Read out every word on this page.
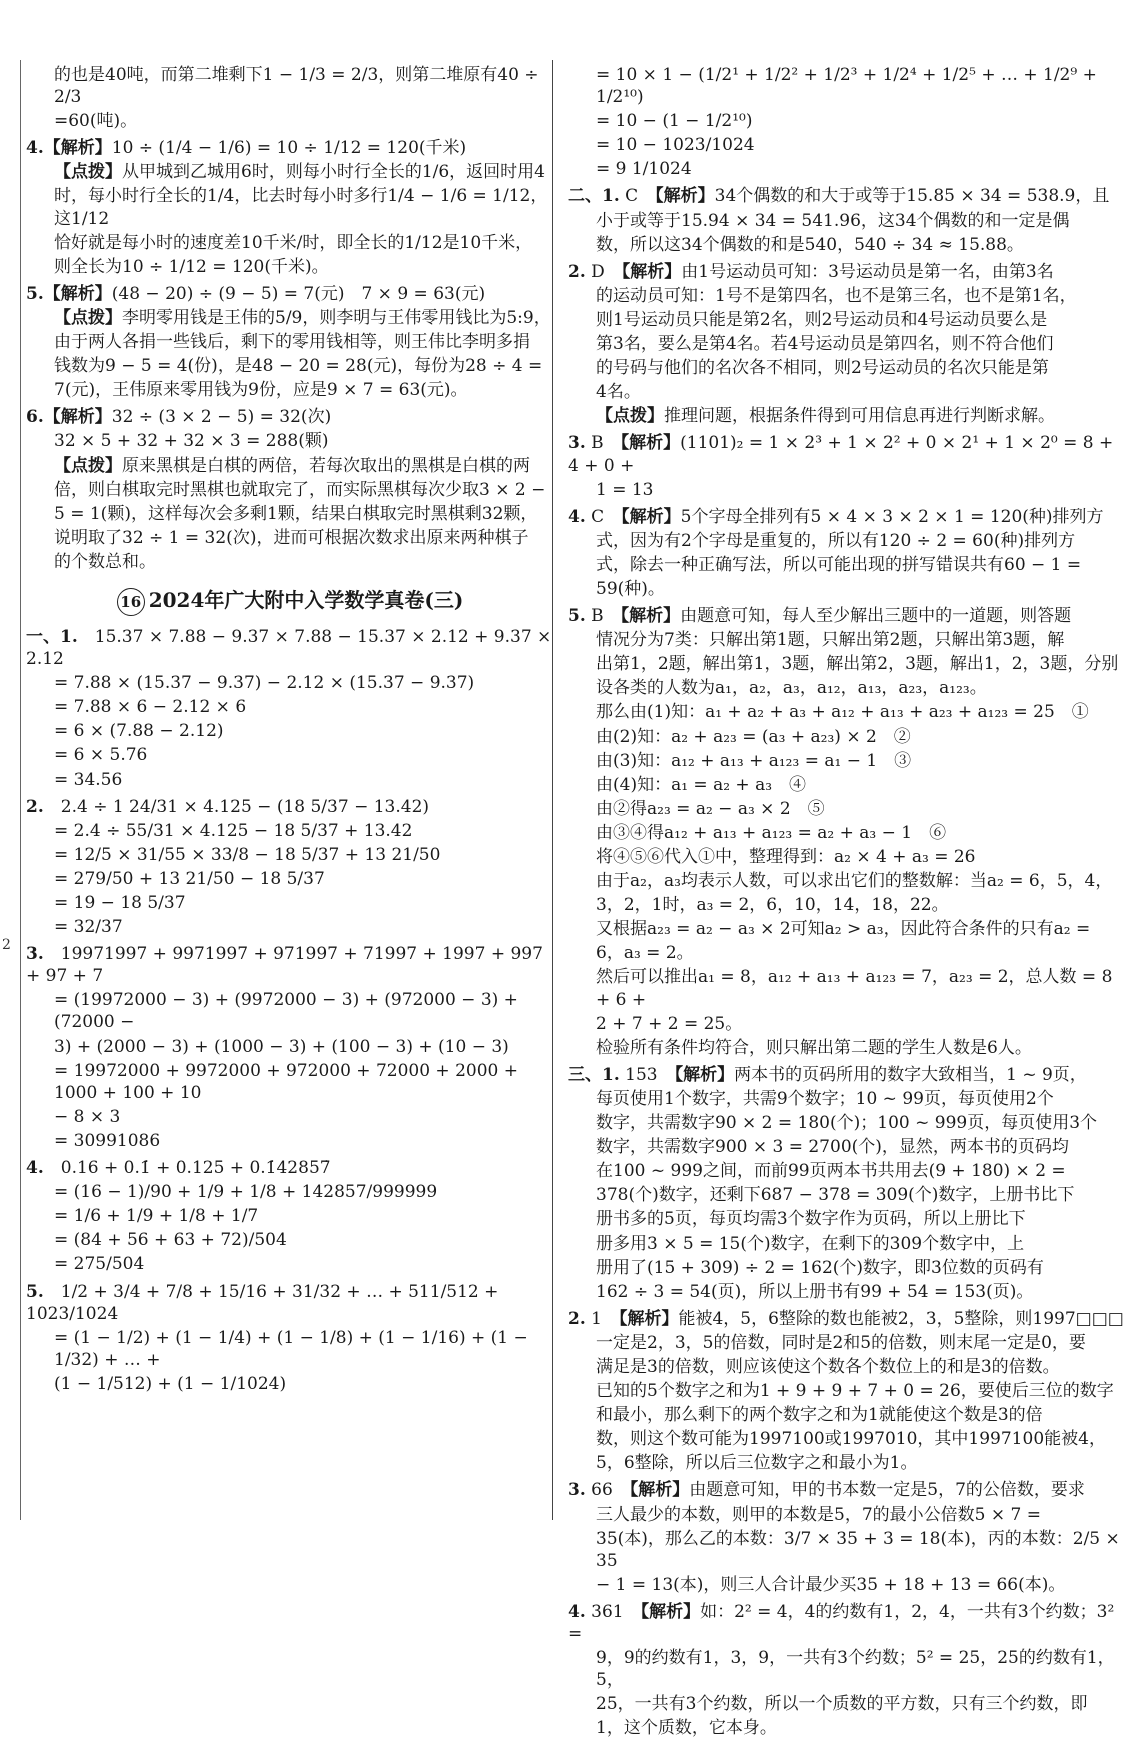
2
的也是40吨，而第二堆剩下1 − 1/3 = 2/3，则第二堆原有40 ÷ 2/3
=60(吨)。
4.【解析】10 ÷ (1/4 − 1/6) = 10 ÷ 1/12 = 120(千米)
【点拨】从甲城到乙城用6时，则每小时行全长的1/6，返回时用4
时，每小时行全长的1/4，比去时每小时多行1/4 − 1/6 = 1/12，这1/12
恰好就是每小时的速度差10千米/时，即全长的1/12是10千米，
则全长为10 ÷ 1/12 = 120(千米)。
5.【解析】(48 − 20) ÷ (9 − 5) = 7(元)　7 × 9 = 63(元)
【点拨】李明零用钱是王伟的5/9，则李明与王伟零用钱比为5:9，
由于两人各捐一些钱后，剩下的零用钱相等，则王伟比李明多捐
钱数为9 − 5 = 4(份)，是48 − 20 = 28(元)，每份为28 ÷ 4 =
7(元)，王伟原来零用钱为9份，应是9 × 7 = 63(元)。
6.【解析】32 ÷ (3 × 2 − 5) = 32(次)
32 × 5 + 32 + 32 × 3 = 288(颗)
【点拨】原来黑棋是白棋的两倍，若每次取出的黑棋是白棋的两
倍，则白棋取完时黑棋也就取完了，而实际黑棋每次少取3 × 2 −
5 = 1(颗)，这样每次会多剩1颗，结果白棋取完时黑棋剩32颗，
说明取了32 ÷ 1 = 32(次)，进而可根据次数求出原来两种棋子
的个数总和。
16 2024年广大附中入学数学真卷(三)
一、1.　 15.37 × 7.88 − 9.37 × 7.88 − 15.37 × 2.12 + 9.37 × 2.12
= 7.88 × (15.37 − 9.37) − 2.12 × (15.37 − 9.37)
= 7.88 × 6 − 2.12 × 6
= 6 × (7.88 − 2.12)
= 6 × 5.76
= 34.56
2.　 2.4 ÷ 1 24/31 × 4.125 − (18 5/37 − 13.42)
= 2.4 ÷ 55/31 × 4.125 − 18 5/37 + 13.42
= 12/5 × 31/55 × 33/8 − 18 5/37 + 13 21/50
= 279/50 + 13 21/50 − 18 5/37
= 19 − 18 5/37
= 32/37
3.　 19971997 + 9971997 + 971997 + 71997 + 1997 + 997 + 97 + 7
= (19972000 − 3) + (9972000 − 3) + (972000 − 3) + (72000 −
3) + (2000 − 3) + (1000 − 3) + (100 − 3) + (10 − 3)
= 19972000 + 9972000 + 972000 + 72000 + 2000 + 1000 + 100 + 10
− 8 × 3
= 30991086
4.　 0.16 + 0.1̇ + 0.125 + 0.1̇42857̇
= (16 − 1)/90 + 1/9 + 1/8 + 142857/999999
= 1/6 + 1/9 + 1/8 + 1/7
= (84 + 56 + 63 + 72)/504
= 275/504
5.　 1/2 + 3/4 + 7/8 + 15/16 + 31/32 + … + 511/512 + 1023/1024
= (1 − 1/2) + (1 − 1/4) + (1 − 1/8) + (1 − 1/16) + (1 − 1/32) + … +
(1 − 1/512) + (1 − 1/1024)
= 10 × 1 − (1/2¹ + 1/2² + 1/2³ + 1/2⁴ + 1/2⁵ + … + 1/2⁹ + 1/2¹⁰)
= 10 − (1 − 1/2¹⁰)
= 10 − 1023/1024
= 9 1/1024
二、1. C　 【解析】34个偶数的和大于或等于15.85 × 34 = 538.9，且
小于或等于15.94 × 34 = 541.96，这34个偶数的和一定是偶
数，所以这34个偶数的和是540，540 ÷ 34 ≈ 15.88。
2. D　 【解析】由1号运动员可知：3号运动员是第一名，由第3名
的运动员可知：1号不是第四名，也不是第三名，也不是第1名，
则1号运动员只能是第2名，则2号运动员和4号运动员要么是
第3名，要么是第4名。若4号运动员是第四名，则不符合他们
的号码与他们的名次各不相同，则2号运动员的名次只能是第
4名。
【点拨】推理问题，根据条件得到可用信息再进行判断求解。
3. B　 【解析】(1101)₂ = 1 × 2³ + 1 × 2² + 0 × 2¹ + 1 × 2⁰ = 8 + 4 + 0 +
1 = 13
4. C　 【解析】5个字母全排列有5 × 4 × 3 × 2 × 1 = 120(种)排列方
式，因为有2个字母是重复的，所以有120 ÷ 2 = 60(种)排列方
式，除去一种正确写法，所以可能出现的拼写错误共有60 − 1 =
59(种)。
5. B　 【解析】由题意可知，每人至少解出三题中的一道题，则答题
情况分为7类：只解出第1题，只解出第2题，只解出第3题，解
出第1，2题，解出第1，3题，解出第2，3题，解出1，2，3题，分别
设各类的人数为a₁，a₂，a₃，a₁₂，a₁₃，a₂₃，a₁₂₃。
那么由(1)知：a₁ + a₂ + a₃ + a₁₂ + a₁₃ + a₂₃ + a₁₂₃ = 25　①
由(2)知：a₂ + a₂₃ = (a₃ + a₂₃) × 2　②
由(3)知：a₁₂ + a₁₃ + a₁₂₃ = a₁ − 1　③
由(4)知：a₁ = a₂ + a₃　④
由②得a₂₃ = a₂ − a₃ × 2　⑤
由③④得a₁₂ + a₁₃ + a₁₂₃ = a₂ + a₃ − 1　⑥
将④⑤⑥代入①中，整理得到：a₂ × 4 + a₃ = 26
由于a₂，a₃均表示人数，可以求出它们的整数解：当a₂ = 6，5，4，
3，2，1时，a₃ = 2，6，10，14，18，22。
又根据a₂₃ = a₂ − a₃ × 2可知a₂ > a₃，因此符合条件的只有a₂ =
6，a₃ = 2。
然后可以推出a₁ = 8，a₁₂ + a₁₃ + a₁₂₃ = 7，a₂₃ = 2，总人数 = 8 + 6 +
2 + 7 + 2 = 25。
检验所有条件均符合，则只解出第二题的学生人数是6人。
三、1. 153　 【解析】两本书的页码所用的数字大致相当，1 ~ 9页，
每页使用1个数字，共需9个数字；10 ~ 99页，每页使用2个
数字，共需数字90 × 2 = 180(个)；100 ~ 999页，每页使用3个
数字，共需数字900 × 3 = 2700(个)，显然，两本书的页码均
在100 ~ 999之间，而前99页两本书共用去(9 + 180) × 2 =
378(个)数字，还剩下687 − 378 = 309(个)数字，上册书比下
册书多的5页，每页均需3个数字作为页码，所以上册比下
册多用3 × 5 = 15(个)数字，在剩下的309个数字中，上
册用了(15 + 309) ÷ 2 = 162(个)数字，即3位数的页码有
162 ÷ 3 = 54(页)，所以上册书有99 + 54 = 153(页)。
2. 1　 【解析】能被4，5，6整除的数也能被2，3，5整除，则1997□□□
一定是2，3，5的倍数，同时是2和5的倍数，则末尾一定是0，要
满足是3的倍数，则应该使这个数各个数位上的和是3的倍数。
已知的5个数字之和为1 + 9 + 9 + 7 + 0 = 26，要使后三位的数字
和最小，那么剩下的两个数字之和为1就能使这个数是3的倍
数，则这个数可能为1997100或1997010，其中1997100能被4，
5，6整除，所以后三位数字之和最小为1。
3. 66　 【解析】由题意可知，甲的书本数一定是5，7的公倍数，要求
三人最少的本数，则甲的本数是5，7的最小公倍数5 × 7 =
35(本)，那么乙的本数：3/7 × 35 + 3 = 18(本)，丙的本数：2/5 × 35
− 1 = 13(本)，则三人合计最少买35 + 18 + 13 = 66(本)。
4. 361　 【解析】如：2² = 4，4的约数有1，2，4，一共有3个约数；3² =
9，9的约数有1，3，9，一共有3个约数；5² = 25，25的约数有1，5，
25，一共有3个约数，所以一个质数的平方数，只有三个约数，即
1，这个质数，它本身。
